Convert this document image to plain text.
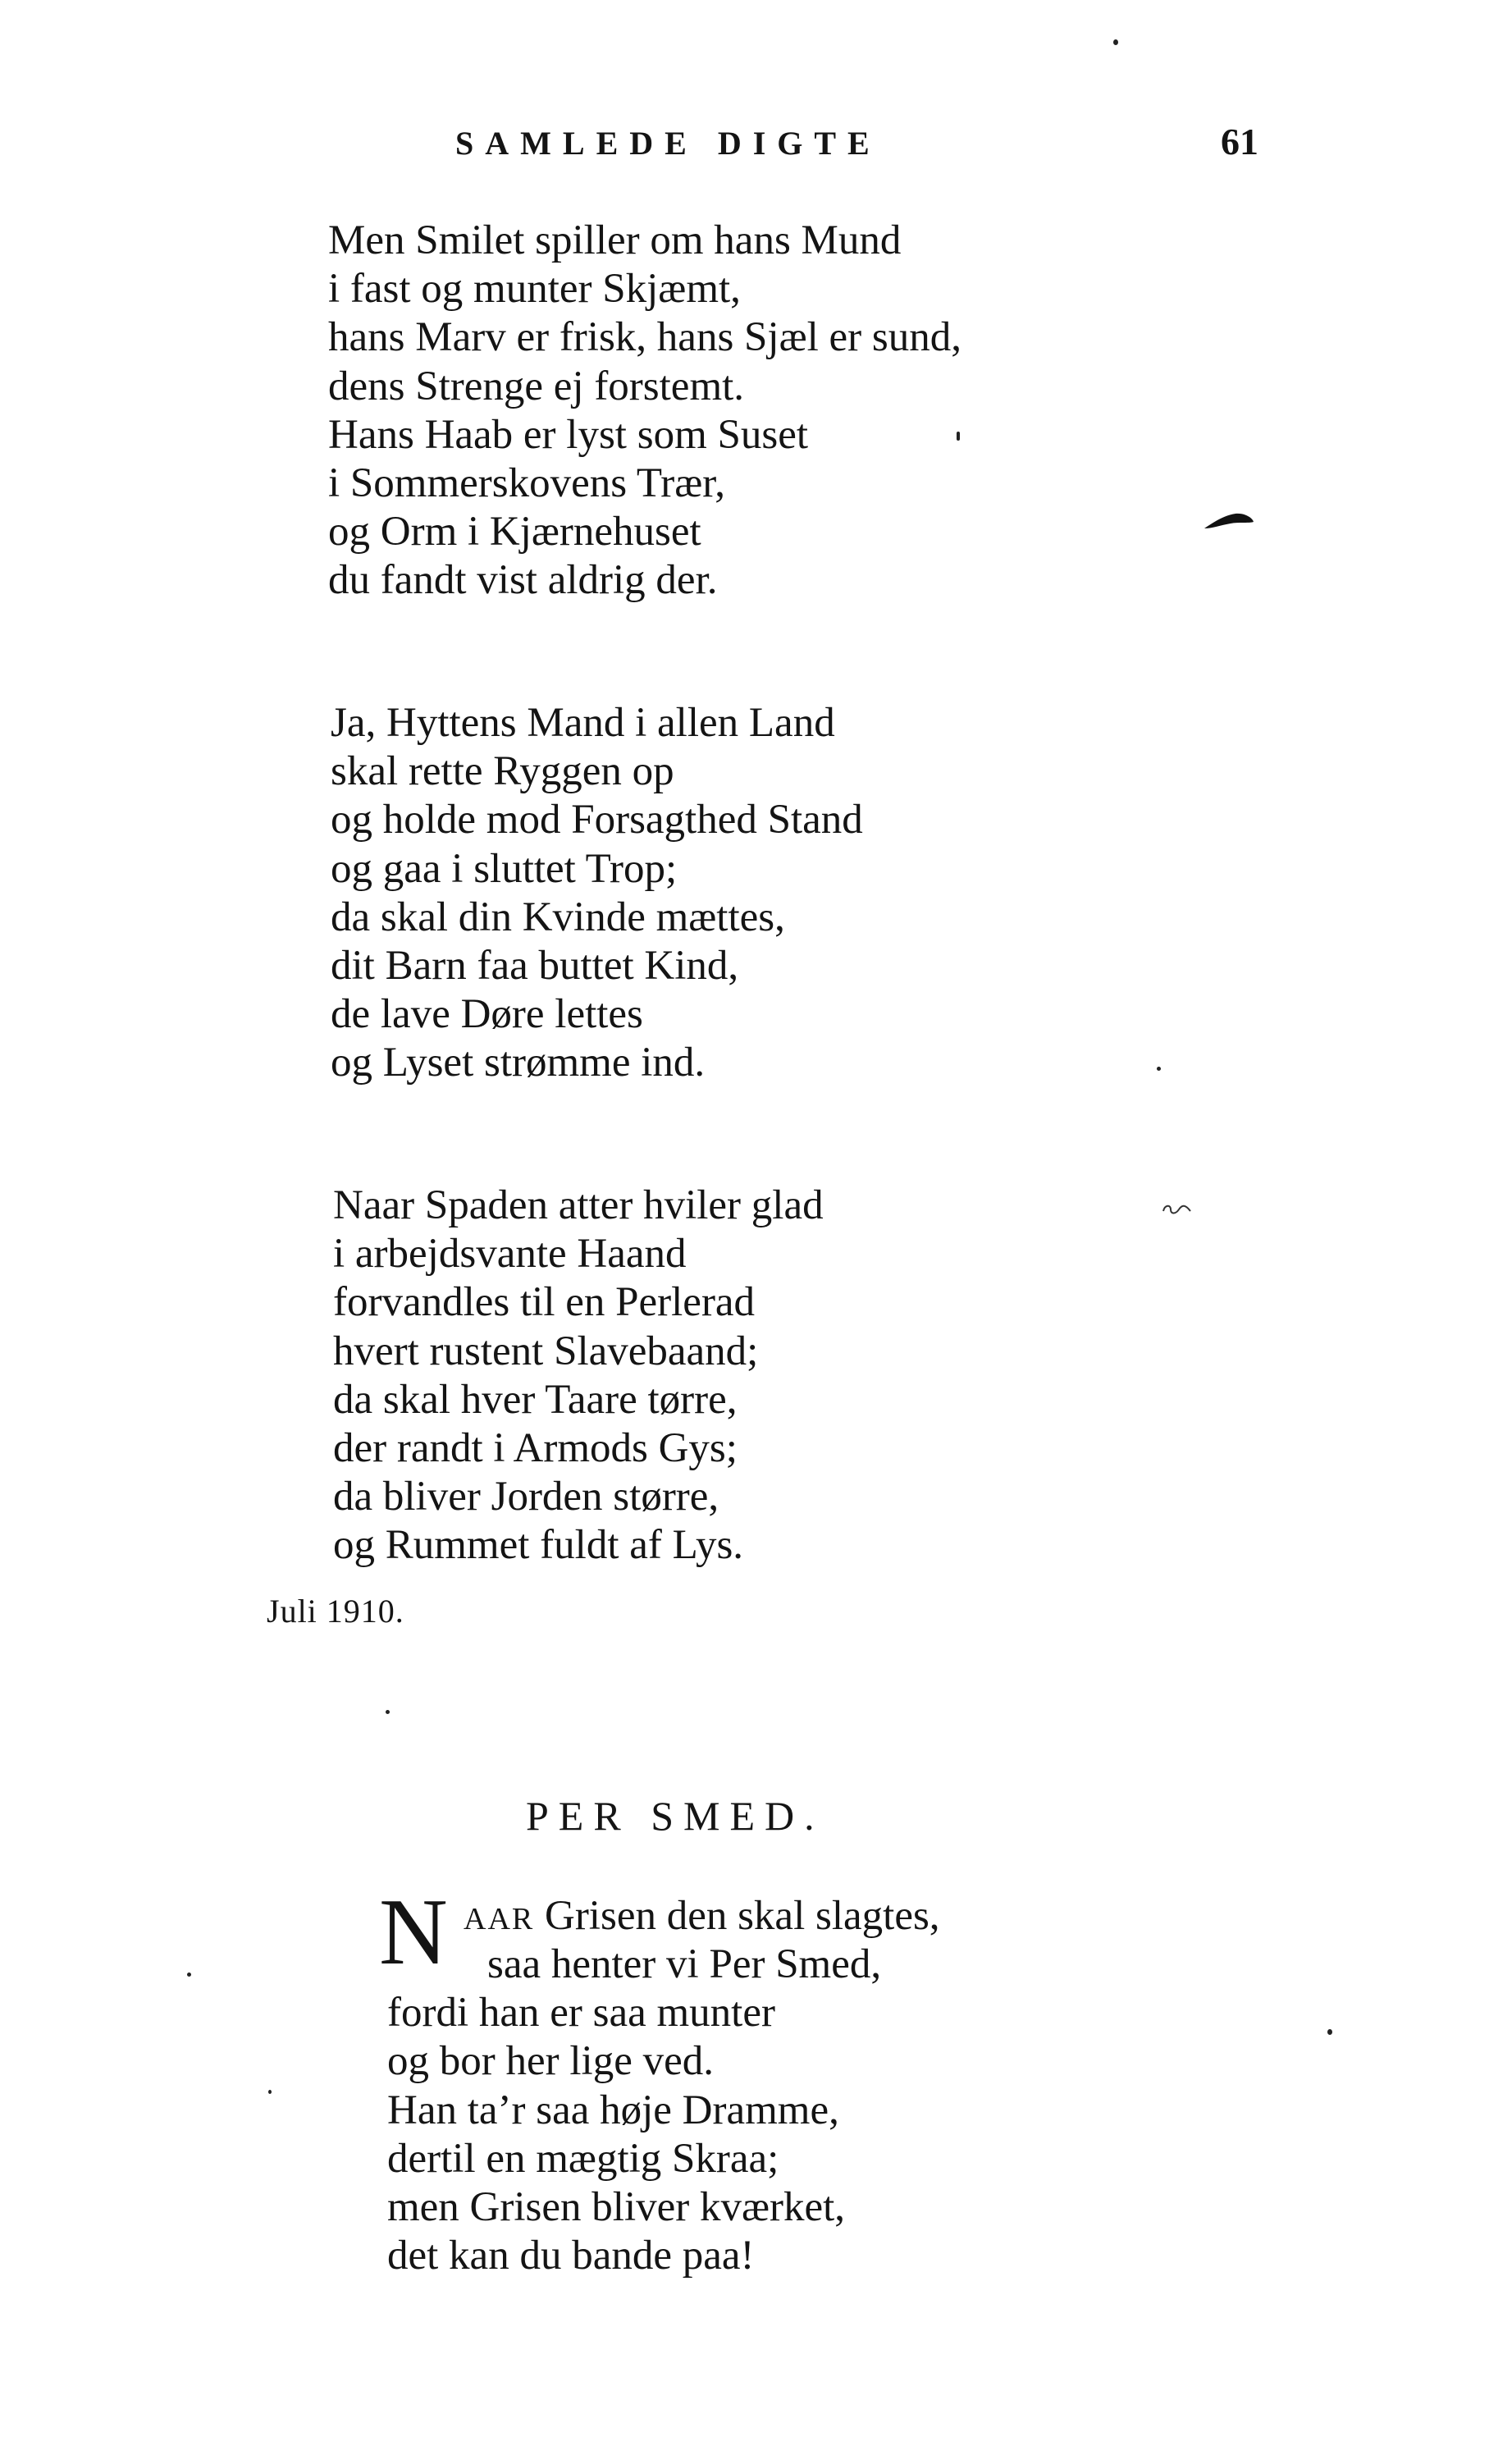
SAMLEDE DIGTE	61
Men Smilet spiller om hans Mund
i fast og munter Skjæmt,
hans Marv er frisk, hans Sjæl er sund,
dens Strenge ej forstemt.
Hans Haab er lyst som Suset
i Sommerskovens Trær,
og Orm i Kjærnehuset
du fandt vist aldrig der.
Ja, Hyttens Mand i allen Land
skal rette Ryggen op
og holde mod Forsagthed Stand
og gaa i sluttet Trop;
da skal din Kvinde mættes,
dit Barn faa buttet Kind,
de lave Døre lettes
og Lyset strømme ind.
Naar Spaden atter hviler glad
i arbejdsvante Haand
forvandles til en Perlerad
hvert rustent Slavebaand;
da skal hver Taare tørre,
der randt i Armods Gys;
da bliver Jorden større,
og Rummet fuldt af Lys.
Juli 1910.
PER SMED.
N AAR Grisen den skal slagtes,
saa henter vi Per Smed,
fordi han er saa munter
og bor her lige ved.
Han ta’r saa høje Dramme,
dertil en mægtig Skraa;
men Grisen bliver kværket,
det kan du bande paa!
